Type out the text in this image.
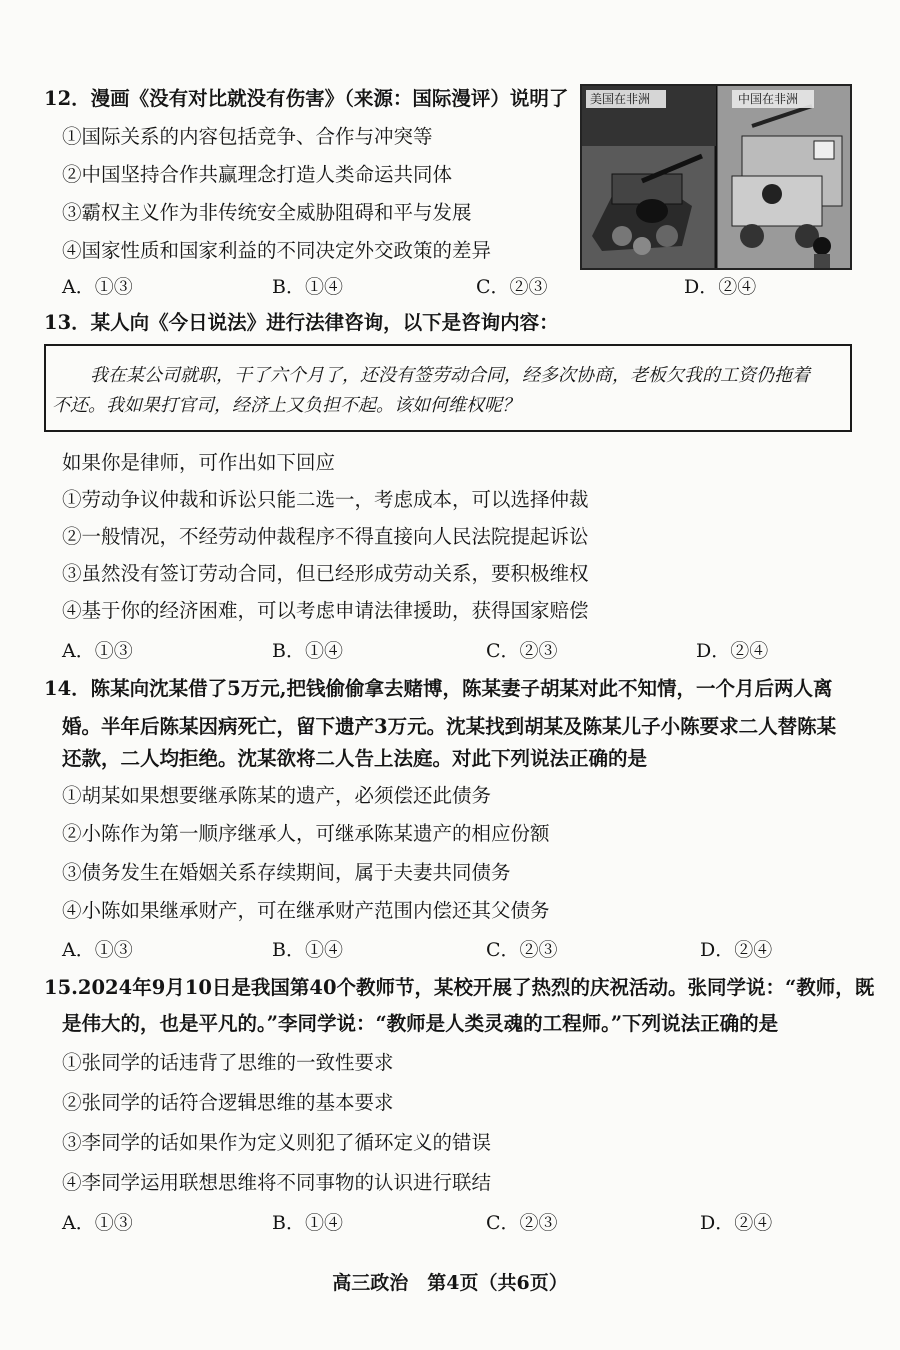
12．漫画《没有对比就没有伤害》（来源：国际漫评）说明了
①国际关系的内容包括竞争、合作与冲突等
②中国坚持合作共赢理念打造人类命运共同体
③霸权主义作为非传统安全威胁阻碍和平与发展
④国家性质和国家利益的不同决定外交政策的差异
A．①③	B．①④	C．②③	D．②④
美国在非洲	中国在非洲
13．某人向《今日说法》进行法律咨询，以下是咨询内容：

我在某公司就职，干了六个月了，还没有签劳动合同，经多次协商，老板欠我的工资仍拖着

不还。我如果打官司，经济上又负担不起。该如何维权呢？

如果你是律师，可作出如下回应
①劳动争议仲裁和诉讼只能二选一，考虑成本，可以选择仲裁
②一般情况，不经劳动仲裁程序不得直接向人民法院提起诉讼
③虽然没有签订劳动合同，但已经形成劳动关系，要积极维权
④基于你的经济困难，可以考虑申请法律援助，获得国家赔偿
A．①③	B．①④	C．②③	D．②④
14．陈某向沈某借了5万元,把钱偷偷拿去赌博，陈某妻子胡某对此不知情，一个月后两人离
婚。半年后陈某因病死亡，留下遗产3万元。沈某找到胡某及陈某儿子小陈要求二人替陈某
还款，二人均拒绝。沈某欲将二人告上法庭。对此下列说法正确的是
①胡某如果想要继承陈某的遗产，必须偿还此债务
②小陈作为第一顺序继承人，可继承陈某遗产的相应份额
③债务发生在婚姻关系存续期间，属于夫妻共同债务
④小陈如果继承财产，可在继承财产范围内偿还其父债务
A．①③	B．①④	C．②③	D．②④
15.2024年9月10日是我国第40个教师节，某校开展了热烈的庆祝活动。张同学说：“教师，既
是伟大的，也是平凡的。”李同学说：“教师是人类灵魂的工程师。”下列说法正确的是
①张同学的话违背了思维的一致性要求
②张同学的话符合逻辑思维的基本要求
③李同学的话如果作为定义则犯了循环定义的错误
④李同学运用联想思维将不同事物的认识进行联结
A．①③	B．①④	C．②③	D．②④
高三政治　第4页（共6页）
